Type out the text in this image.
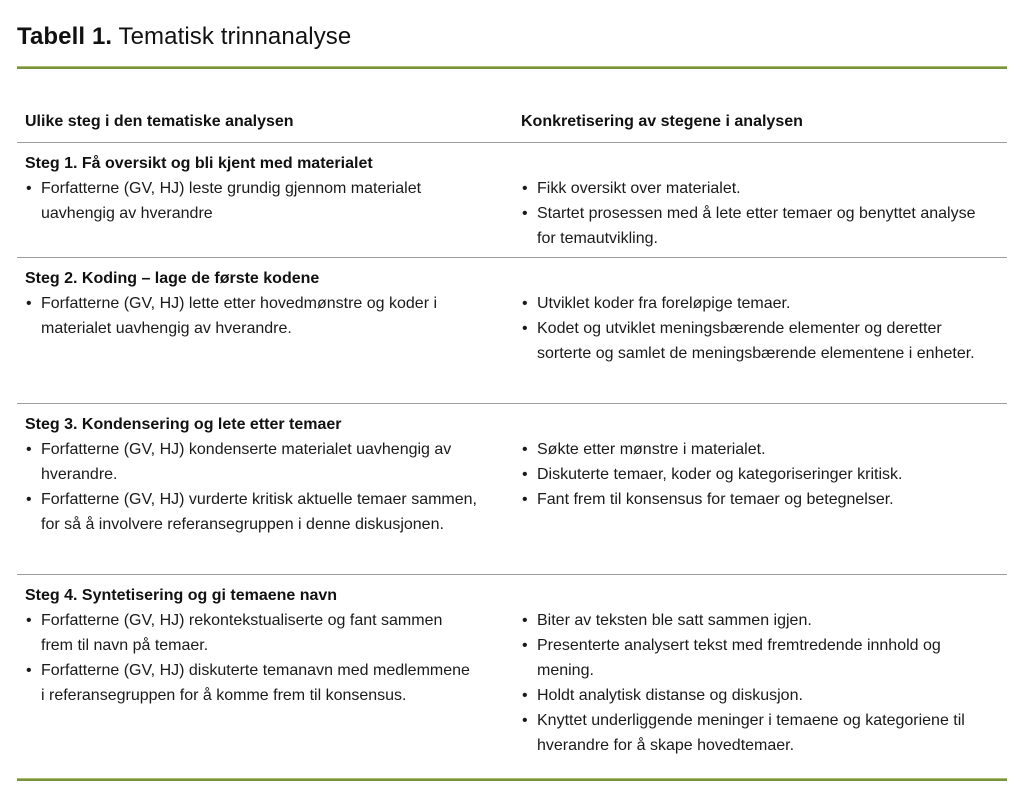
Tabell 1. Tematisk trinnanalyse
Ulike steg i den tematiske analysen	Konkretisering av stegene i analysen
Steg 1. Få oversikt og bli kjent med materialet
• Forfatterne (GV, HJ) leste grundig gjennom materialet uavhengig av hverandre
• Fikk oversikt over materialet.
• Startet prosessen med å lete etter temaer og benyttet analyse for temautvikling.
Steg 2. Koding – lage de første kodene
• Forfatterne (GV, HJ) lette etter hovedmønstre og koder i materialet uavhengig av hverandre.
• Utviklet koder fra foreløpige temaer.
• Kodet og utviklet meningsbærende elementer og deretter sorterte og samlet de meningsbærende elementene i enheter.
Steg 3. Kondensering og lete etter temaer
• Forfatterne (GV, HJ) kondenserte materialet uavhengig av hverandre.
• Forfatterne (GV, HJ) vurderte kritisk aktuelle temaer sammen, for så å involvere referansegruppen i denne diskusjonen.
• Søkte etter mønstre i materialet.
• Diskuterte temaer, koder og kategoriseringer kritisk.
• Fant frem til konsensus for temaer og betegnelser.
Steg 4. Syntetisering og gi temaene navn
• Forfatterne (GV, HJ) rekontekstualiserte og fant sammen frem til navn på temaer.
• Forfatterne (GV, HJ) diskuterte temanavn med medlemmene i referansegruppen for å komme frem til konsensus.
• Biter av teksten ble satt sammen igjen.
• Presenterte analysert tekst med fremtredende innhold og mening.
• Holdt analytisk distanse og diskusjon.
• Knyttet underliggende meninger i temaene og kategoriene til hverandre for å skape hovedtemaer.
